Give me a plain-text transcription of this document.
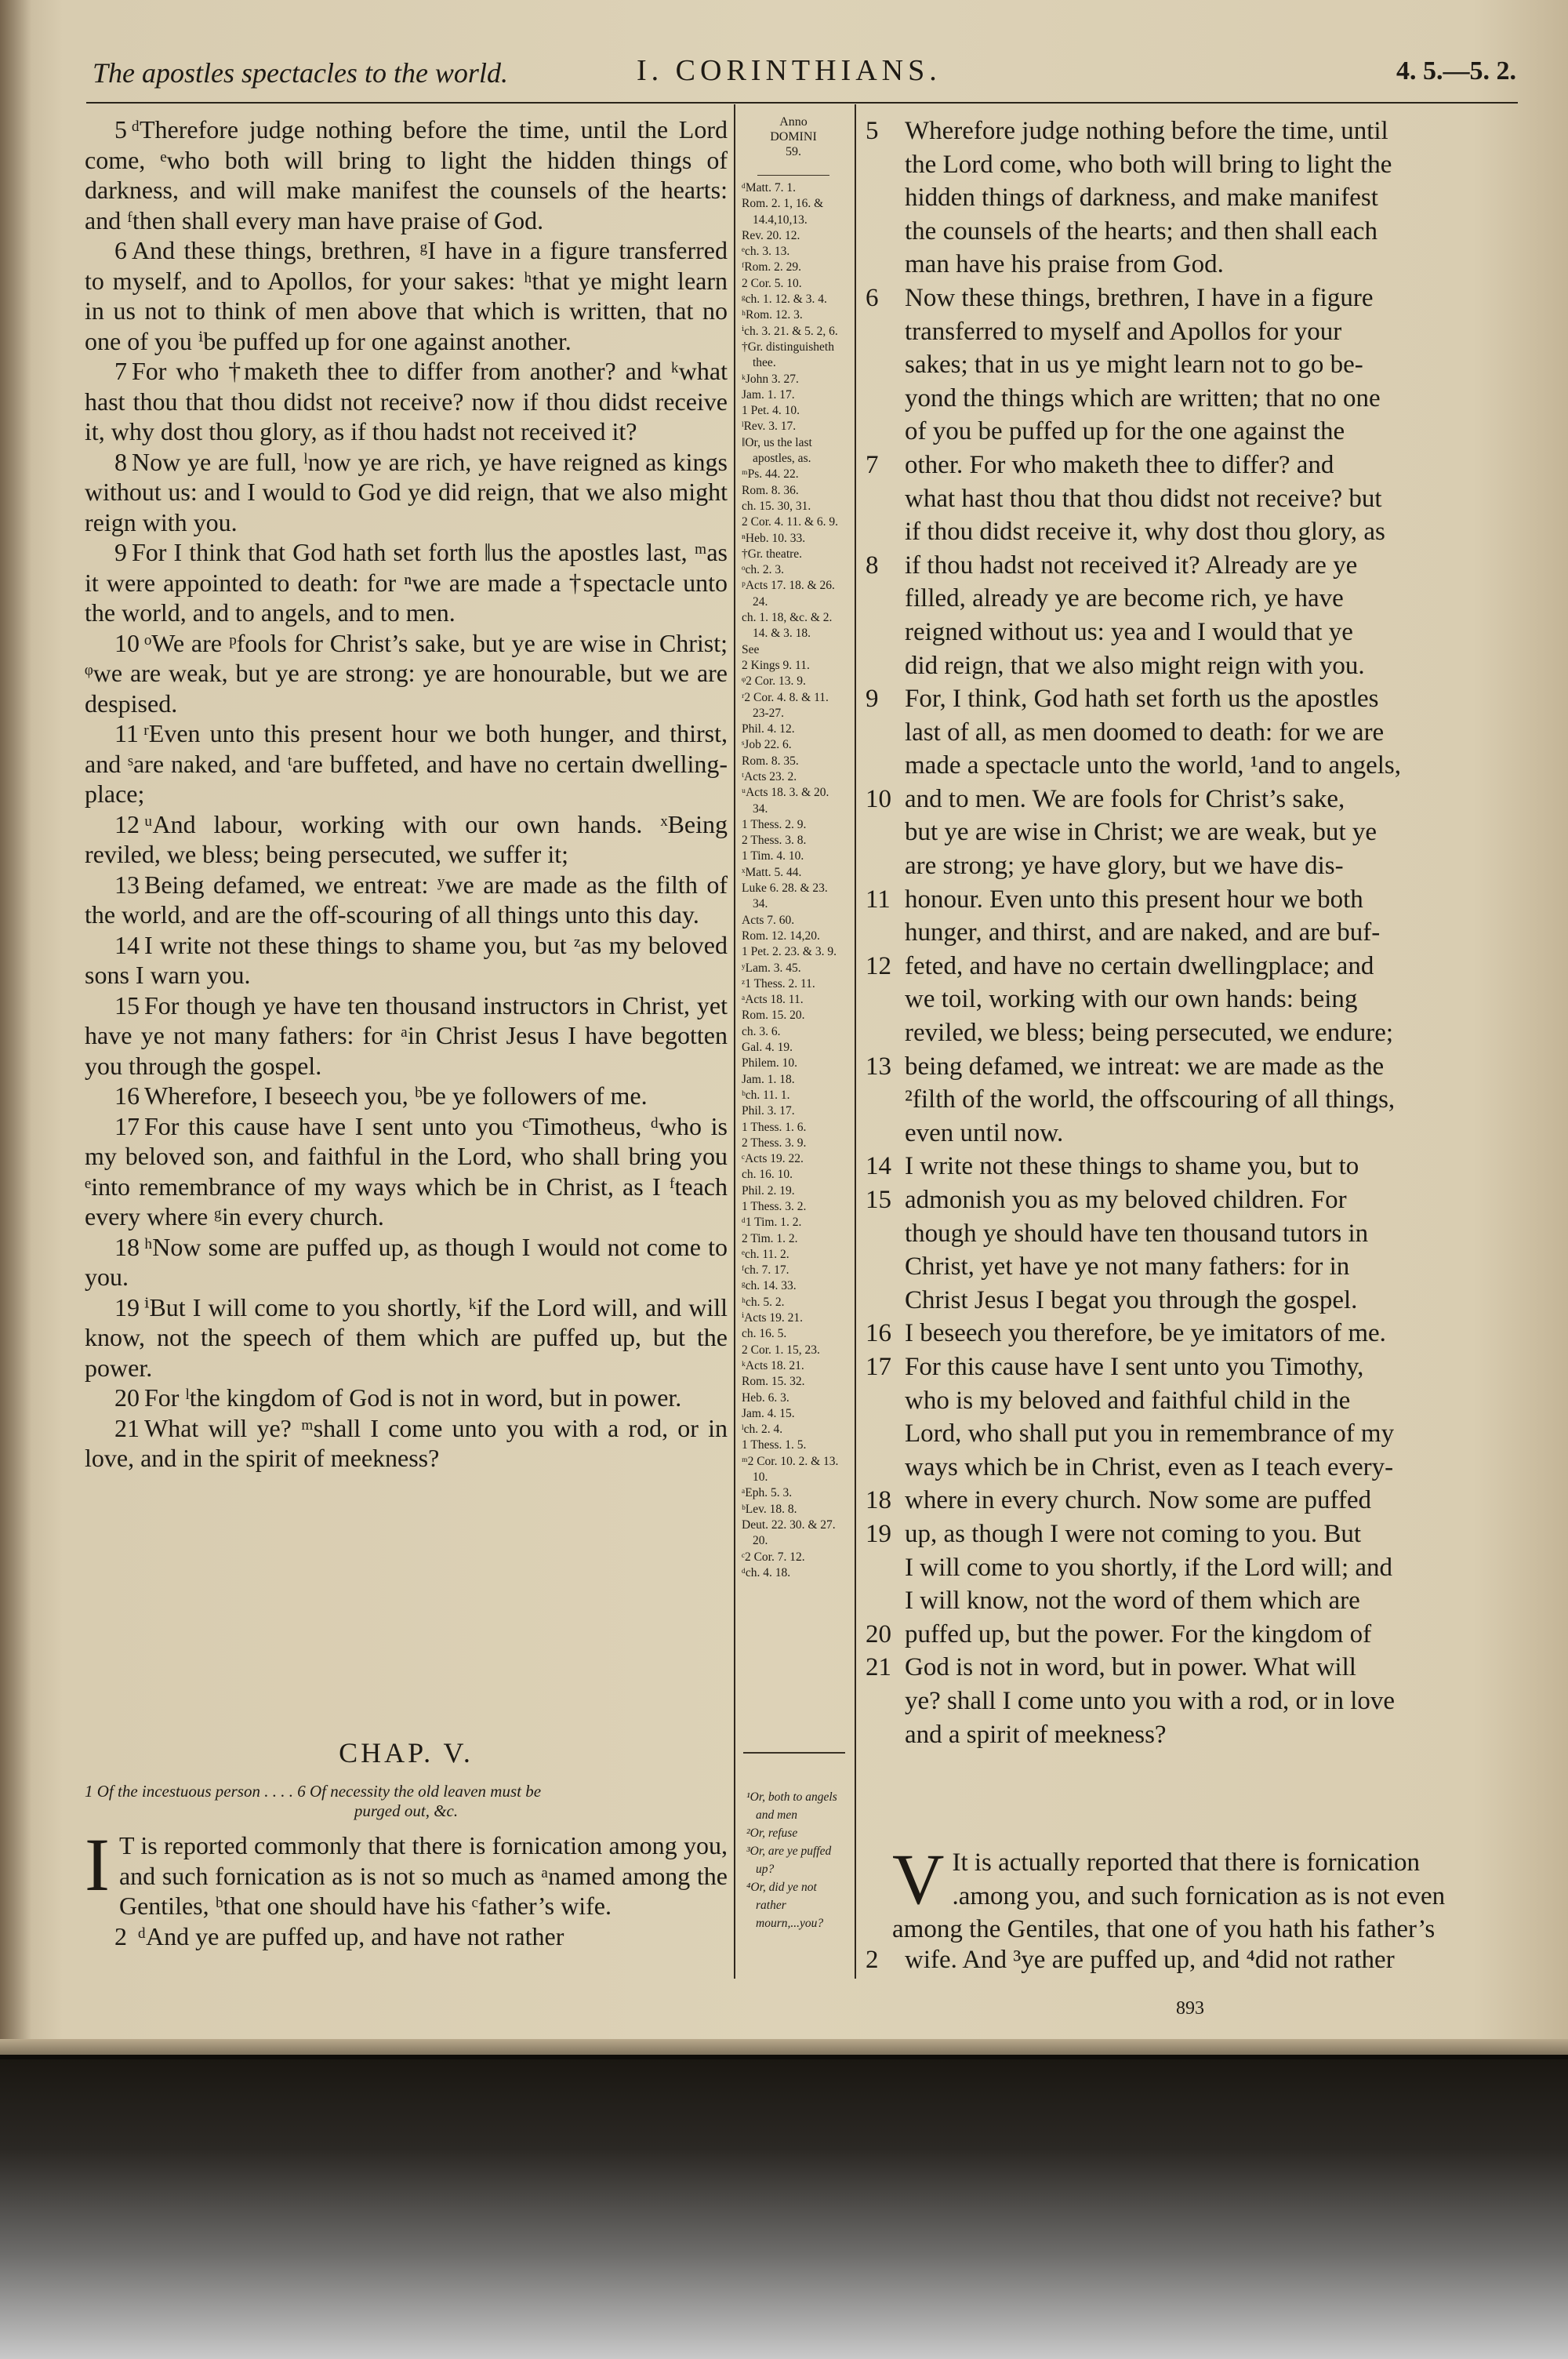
The apostles spectacles to the world.	I. CORINTHIANS.	4. 5.—5. 2.

5 ᵈTherefore judge nothing before the time, until the Lord come, ᵉwho both will bring to light the hidden things of darkness, and will make manifest the counsels of the hearts: and ᶠthen shall every man have praise of God.

6 And these things, brethren, ᵍI have in a figure transferred to myself, and to Apollos, for your sakes: ʰthat ye might learn in us not to think of men above that which is written, that no one of you ⁱbe puffed up for one against another.

7 For who †maketh thee to differ from another? and ᵏwhat hast thou that thou didst not receive? now if thou didst receive it, why dost thou glory, as if thou hadst not received it?

8 Now ye are full, ˡnow ye are rich, ye have reigned as kings without us: and I would to God ye did reign, that we also might reign with you.

9 For I think that God hath set forth ‖us the apostles last, ᵐas it were appointed to death: for ⁿwe are made a †spectacle unto the world, and to angels, and to men.

10 ᵒWe are ᵖfools for Christ’s sake, but ye are wise in Christ; ᵠwe are weak, but ye are strong: ye are honourable, but we are despised.

11 ʳEven unto this present hour we both hunger, and thirst, and ˢare naked, and ᵗare buffeted, and have no certain dwelling-place;

12 ᵘAnd labour, working with our own hands. ˣBeing reviled, we bless; being persecuted, we suffer it;

13 Being defamed, we entreat: ʸwe are made as the filth of the world, and are the off-scouring of all things unto this day.

14 I write not these things to shame you, but ᶻas my beloved sons I warn you.

15 For though ye have ten thousand instructors in Christ, yet have ye not many fathers: for ᵃin Christ Jesus I have begotten you through the gospel.

16 Wherefore, I beseech you, ᵇbe ye followers of me.

17 For this cause have I sent unto you ᶜTimotheus, ᵈwho is my beloved son, and faithful in the Lord, who shall bring you ᵉinto remembrance of my ways which be in Christ, as I ᶠteach every where ᵍin every church.

18 ʰNow some are puffed up, as though I would not come to you.

19 ⁱBut I will come to you shortly, ᵏif the Lord will, and will know, not the speech of them which are puffed up, but the power.

20 For ˡthe kingdom of God is not in word, but in power.

21 What will ye? ᵐshall I come unto you with a rod, or in love, and in the spirit of meekness?

Anno
DOMINI
59.

ᵈMatt. 7. 1.

Rom. 2. 1, 16. & 14.4,10,13.

Rev. 20. 12.

ᵉch. 3. 13.

ᶠRom. 2. 29.

2 Cor. 5. 10.

ᵍch. 1. 12. & 3. 4.

ʰRom. 12. 3.

ⁱch. 3. 21. & 5. 2, 6.

†Gr. distinguisheth thee.

ᵏJohn 3. 27.

Jam. 1. 17.

1 Pet. 4. 10.

ˡRev. 3. 17.

‖Or, us the last apostles, as.

ᵐPs. 44. 22.

Rom. 8. 36.

ch. 15. 30, 31.

2 Cor. 4. 11. & 6. 9.

ⁿHeb. 10. 33.

†Gr. theatre.

ᵒch. 2. 3.

ᵖActs 17. 18. & 26. 24.

ch. 1. 18, &c. & 2. 14. & 3. 18.

See

2 Kings 9. 11.

ᵠ2 Cor. 13. 9.

ʳ2 Cor. 4. 8. & 11. 23-27.

Phil. 4. 12.

ˢJob 22. 6.

Rom. 8. 35.

ᵗActs 23. 2.

ᵘActs 18. 3. & 20. 34.

1 Thess. 2. 9.

2 Thess. 3. 8.

1 Tim. 4. 10.

ˣMatt. 5. 44.

Luke 6. 28. & 23. 34.

Acts 7. 60.

Rom. 12. 14,20.

1 Pet. 2. 23. & 3. 9.

ʸLam. 3. 45.

ᶻ1 Thess. 2. 11.

ᵃActs 18. 11.

Rom. 15. 20.

ch. 3. 6.

Gal. 4. 19.

Philem. 10.

Jam. 1. 18.

ᵇch. 11. 1.

Phil. 3. 17.

1 Thess. 1. 6.

2 Thess. 3. 9.

ᶜActs 19. 22.

ch. 16. 10.

Phil. 2. 19.

1 Thess. 3. 2.

ᵈ1 Tim. 1. 2.

2 Tim. 1. 2.

ᵉch. 11. 2.

ᶠch. 7. 17.

ᵍch. 14. 33.

ʰch. 5. 2.

ⁱActs 19. 21.

ch. 16. 5.

2 Cor. 1. 15, 23.

ᵏActs 18. 21.

Rom. 15. 32.

Heb. 6. 3.

Jam. 4. 15.

ˡch. 2. 4.

1 Thess. 1. 5.

ᵐ2 Cor. 10. 2. & 13. 10.

ᵃEph. 5. 3.

ᵇLev. 18. 8.

Deut. 22. 30. & 27. 20.

ᶜ2 Cor. 7. 12.

ᵈch. 4. 18.

¹Or, both to angels and men

²Or, refuse

³Or, are ye puffed up?

⁴Or, did ye not rather mourn,...you?

5	Wherefore judge nothing before the time, until
the Lord come, who both will bring to light the
hidden things of darkness, and make manifest
the counsels of the hearts; and then shall each
man have his praise from God.
6	Now these things, brethren, I have in a figure
transferred to myself and Apollos for your
sakes; that in us ye might learn not to go be-
yond the things which are written; that no one
of you be puffed up for the one against the
7	other. For who maketh thee to differ? and
what hast thou that thou didst not receive? but
if thou didst receive it, why dost thou glory, as
8	if thou hadst not received it? Already are ye
filled, already ye are become rich, ye have
reigned without us: yea and I would that ye
did reign, that we also might reign with you.
9	For, I think, God hath set forth us the apostles
last of all, as men doomed to death: for we are
made a spectacle unto the world, ¹and to angels,
10 and to men. We are fools for Christ’s sake,
but ye are wise in Christ; we are weak, but ye
are strong; ye have glory, but we have dis-
11 honour. Even unto this present hour we both
hunger, and thirst, and are naked, and are buf-
12 feted, and have no certain dwellingplace; and
we toil, working with our own hands: being
reviled, we bless; being persecuted, we endure;
13 being defamed, we intreat: we are made as the
²filth of the world, the offscouring of all things,
even until now.
14 I write not these things to shame you, but to
15 admonish you as my beloved children. For
though ye should have ten thousand tutors in
Christ, yet have ye not many fathers: for in
Christ Jesus I begat you through the gospel.
16 I beseech you therefore, be ye imitators of me.
17 For this cause have I sent unto you Timothy,
who is my beloved and faithful child in the
Lord, who shall put you in remembrance of my
ways which be in Christ, even as I teach every-
18 where in every church. Now some are puffed
19 up, as though I were not coming to you. But
I will come to you shortly, if the Lord will; and
I will know, not the word of them which are
20 puffed up, but the power. For the kingdom of
21 God is not in word, but in power. What will
ye? shall I come unto you with a rod, or in love
and a spirit of meekness?
CHAP. V.
1 Of the incestuous person . . . . 6 Of necessity the old leaven must be
purged out, &c.

I T is reported commonly that there is fornication among you, and such fornication as is not so much as ᵃnamed among the Gentiles, ᵇthat one should have his ᶜfather’s wife.

2 ᵈAnd ye are puffed up, and have not rather

V It is actually reported that there is fornication
.among you, and such fornication as is not even

among the Gentiles, that one of you hath his father’s

2	wife. And ³ye are puffed up, and ⁴did not rather
893
